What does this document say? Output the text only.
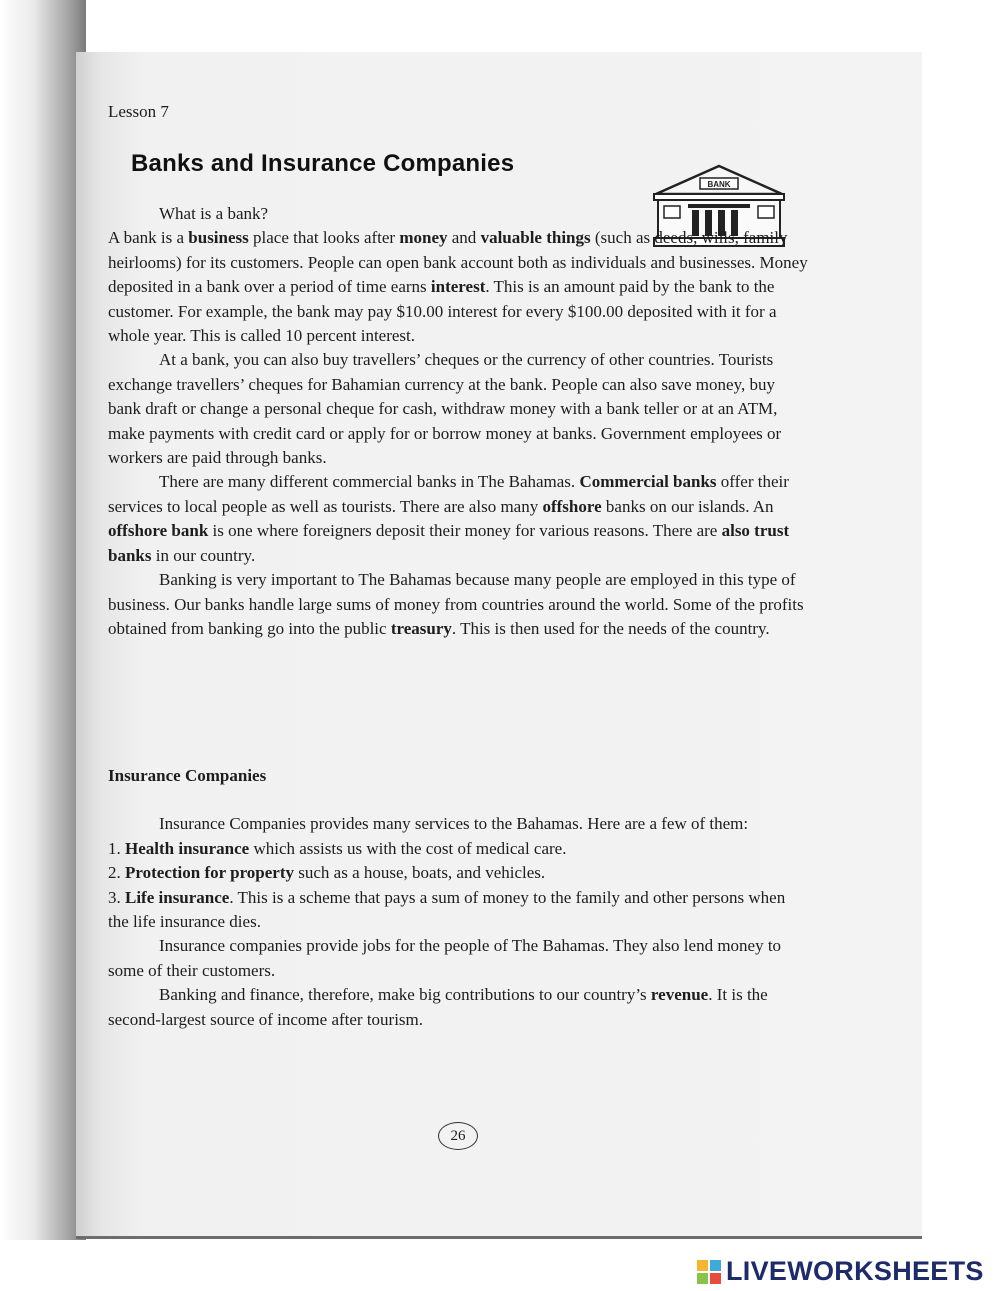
Lesson 7
Banks and Insurance Companies
BANK

What is a bank?

A bank is a business place that looks after money and valuable things (such as deeds, wills, family heirlooms) for its customers. People can open bank account both as individuals and businesses. Money deposited in a bank over a period of time earns interest. This is an amount paid by the bank to the customer. For example, the bank may pay $10.00 interest for every $100.00 deposited with it for a whole year. This is called 10 percent interest.

At a bank, you can also buy travellers’ cheques or the currency of other countries. Tourists exchange travellers’ cheques for Bahamian currency at the bank. People can also save money, buy bank draft or change a personal cheque for cash, withdraw money with a bank teller or at an ATM, make payments with credit card or apply for or borrow money at banks. Government employees or workers are paid through banks.

There are many different commercial banks in The Bahamas. Commercial banks offer their services to local people as well as tourists. There are also many offshore banks on our islands. An offshore bank is one where foreigners deposit their money for various reasons. There are also trust banks in our country.

Banking is very important to The Bahamas because many people are employed in this type of business. Our banks handle large sums of money from countries around the world. Some of the profits obtained from banking go into the public treasury. This is then used for the needs of the country.

Insurance Companies

Insurance Companies provides many services to the Bahamas. Here are a few of them:

1. Health insurance which assists us with the cost of medical care.

2. Protection for property such as a house, boats, and vehicles.

3. Life insurance. This is a scheme that pays a sum of money to the family and other persons when the life insurance dies.

Insurance companies provide jobs for the people of The Bahamas. They also lend money to some of their customers.

Banking and finance, therefore, make big contributions to our country’s revenue. It is the second-largest source of income after tourism.

26
LIVEWORKSHEETS
